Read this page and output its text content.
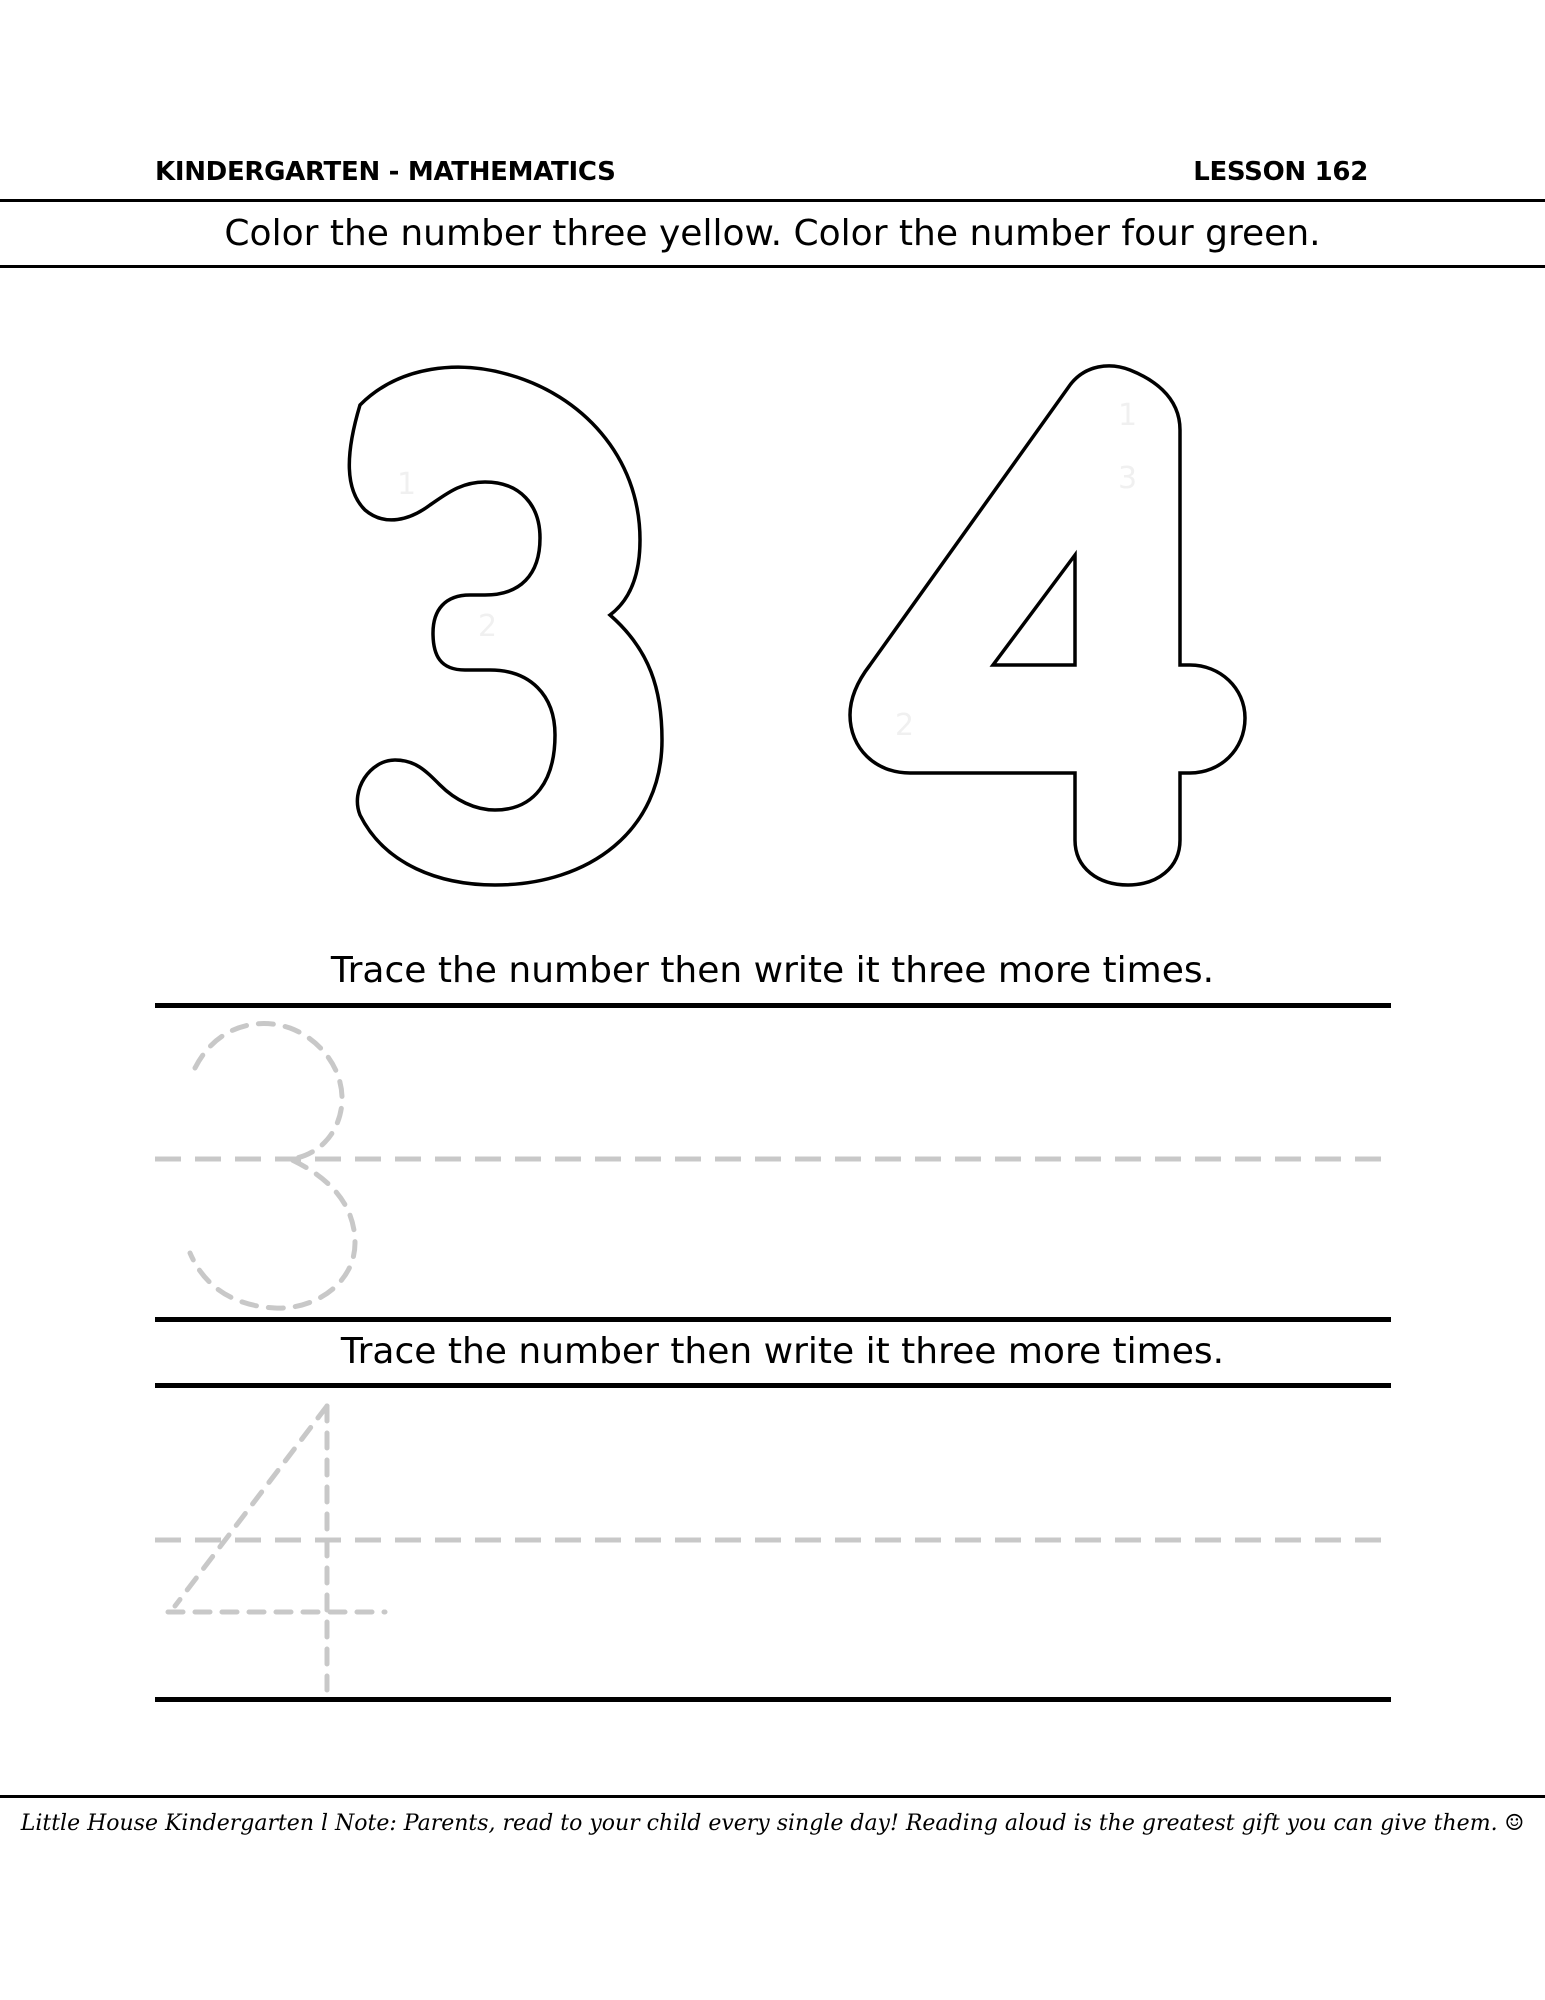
KINDERGARTEN - MATHEMATICS	LESSON 162
Color the number three yellow. Color the number four green.
1
2
1
2
3
Trace the number then write it three more times.
Trace the number then write it three more times.
Little House Kindergarten l Note: Parents, read to your child every single day! Reading aloud is the greatest gift you can give them. ☺
